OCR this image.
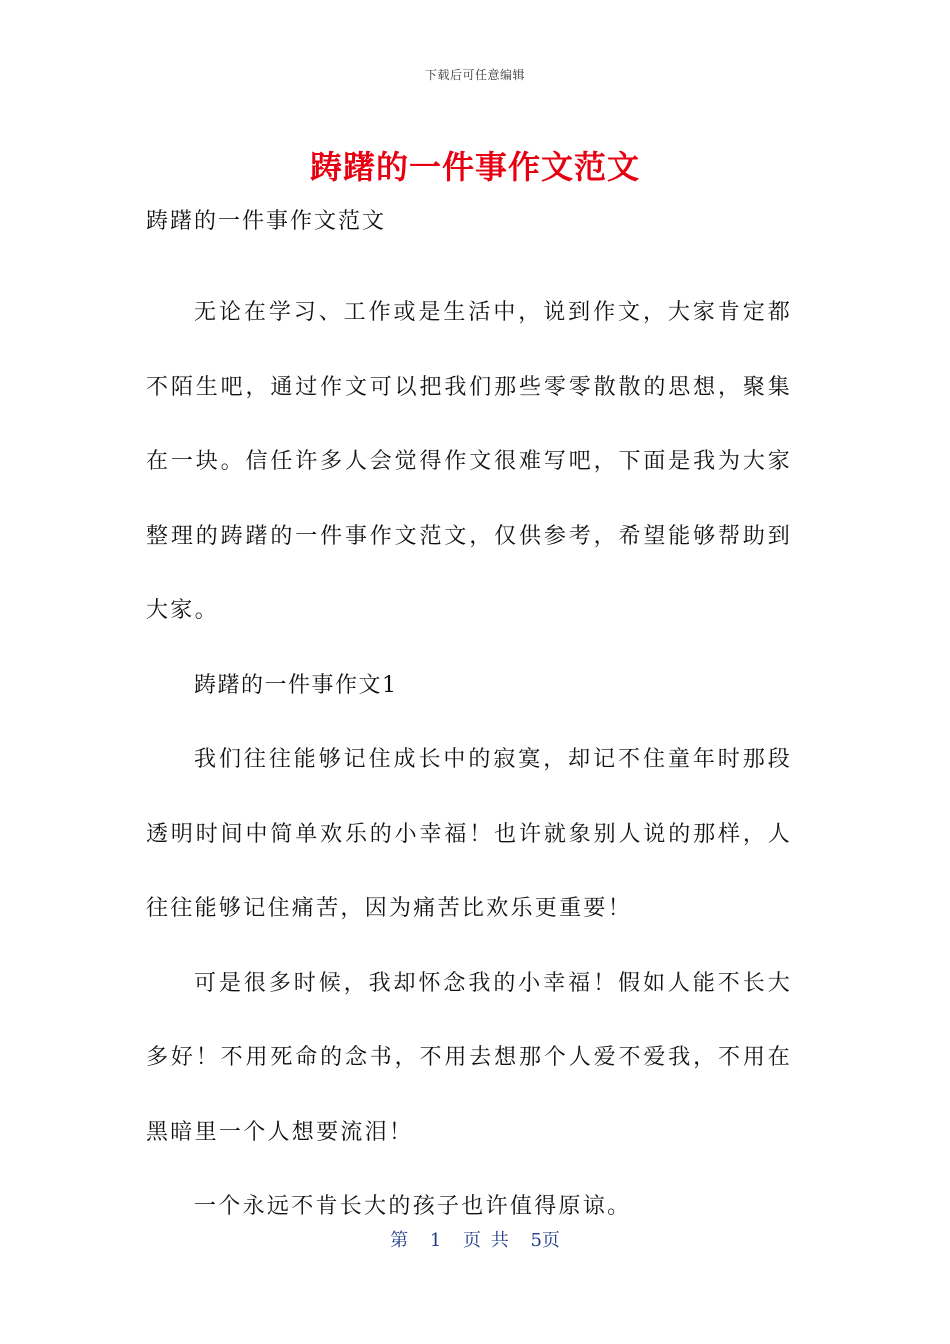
下载后可任意编辑
踌躇的一件事作文范文
踌躇的一件事作文范文

无论在学习、工作或是生活中，说到作文，大家肯定都不陌生吧，通过作文可以把我们那些零零散散的思想，聚集在一块。信任许多人会觉得作文很难写吧，下面是我为大家整理的踌躇的一件事作文范文，仅供参考，希望能够帮助到大家。

踌躇的一件事作文1

我们往往能够记住成长中的寂寞，却记不住童年时那段透明时间中简单欢乐的小幸福！也许就象别人说的那样，人往往能够记住痛苦，因为痛苦比欢乐更重要！

可是很多时候，我却怀念我的小幸福！假如人能不长大多好！不用死命的念书，不用去想那个人爱不爱我，不用在黑暗里一个人想要流泪！

一个永远不肯长大的孩子也许值得原谅。

第 1 页 共 5页
